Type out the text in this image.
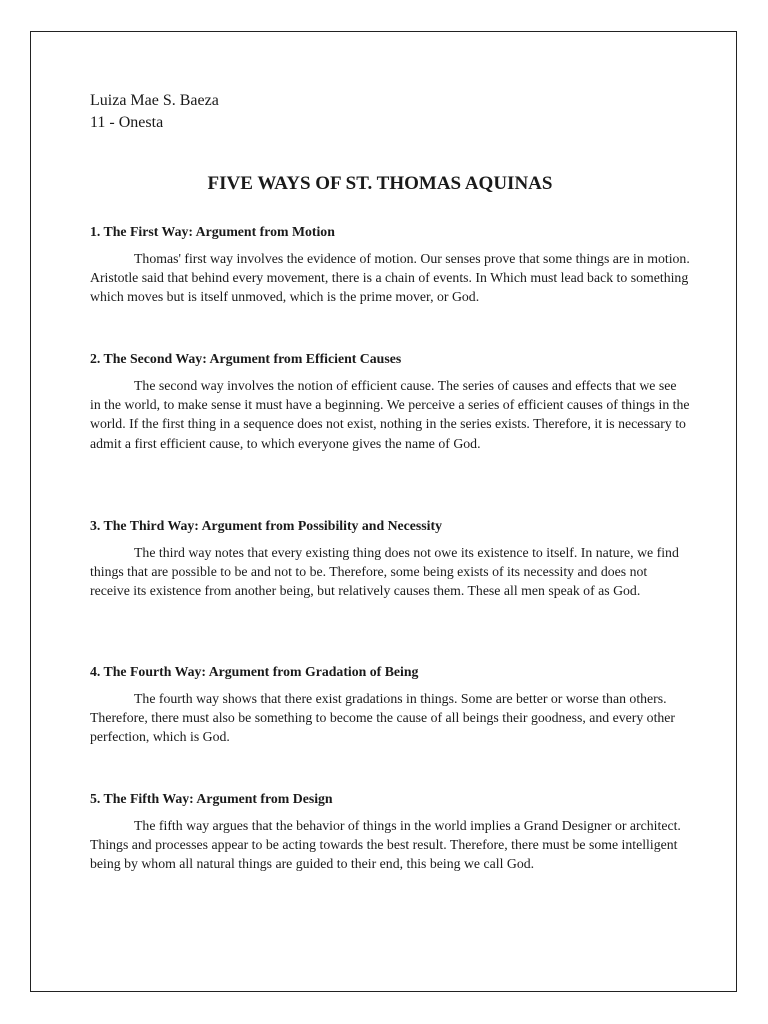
Luiza Mae S. Baeza
11 - Onesta
FIVE WAYS OF ST. THOMAS AQUINAS
1. The First Way: Argument from Motion
Thomas' first way involves the evidence of motion. Our senses prove that some things are in motion. Aristotle said that behind every movement, there is a chain of events. In Which must lead back to something which moves but is itself unmoved, which is the prime mover, or God.
2. The Second Way: Argument from Efficient Causes
The second way involves the notion of efficient cause. The series of causes and effects that we see in the world, to make sense it must have a beginning. We perceive a series of efficient causes of things in the world. If the first thing in a sequence does not exist, nothing in the series exists. Therefore, it is necessary to admit a first efficient cause, to which everyone gives the name of God.
3. The Third Way: Argument from Possibility and Necessity
The third way notes that every existing thing does not owe its existence to itself. In nature, we find things that are possible to be and not to be. Therefore, some being exists of its necessity and does not receive its existence from another being, but relatively causes them. These all men speak of as God.
4. The Fourth Way: Argument from Gradation of Being
The fourth way shows that there exist gradations in things. Some are better or worse than others. Therefore, there must also be something to become the cause of all beings their goodness, and every other perfection, which is God.
5. The Fifth Way: Argument from Design
The fifth way argues that the behavior of things in the world implies a Grand Designer or architect. Things and processes appear to be acting towards the best result. Therefore, there must be some intelligent being by whom all natural things are guided to their end, this being we call God.
